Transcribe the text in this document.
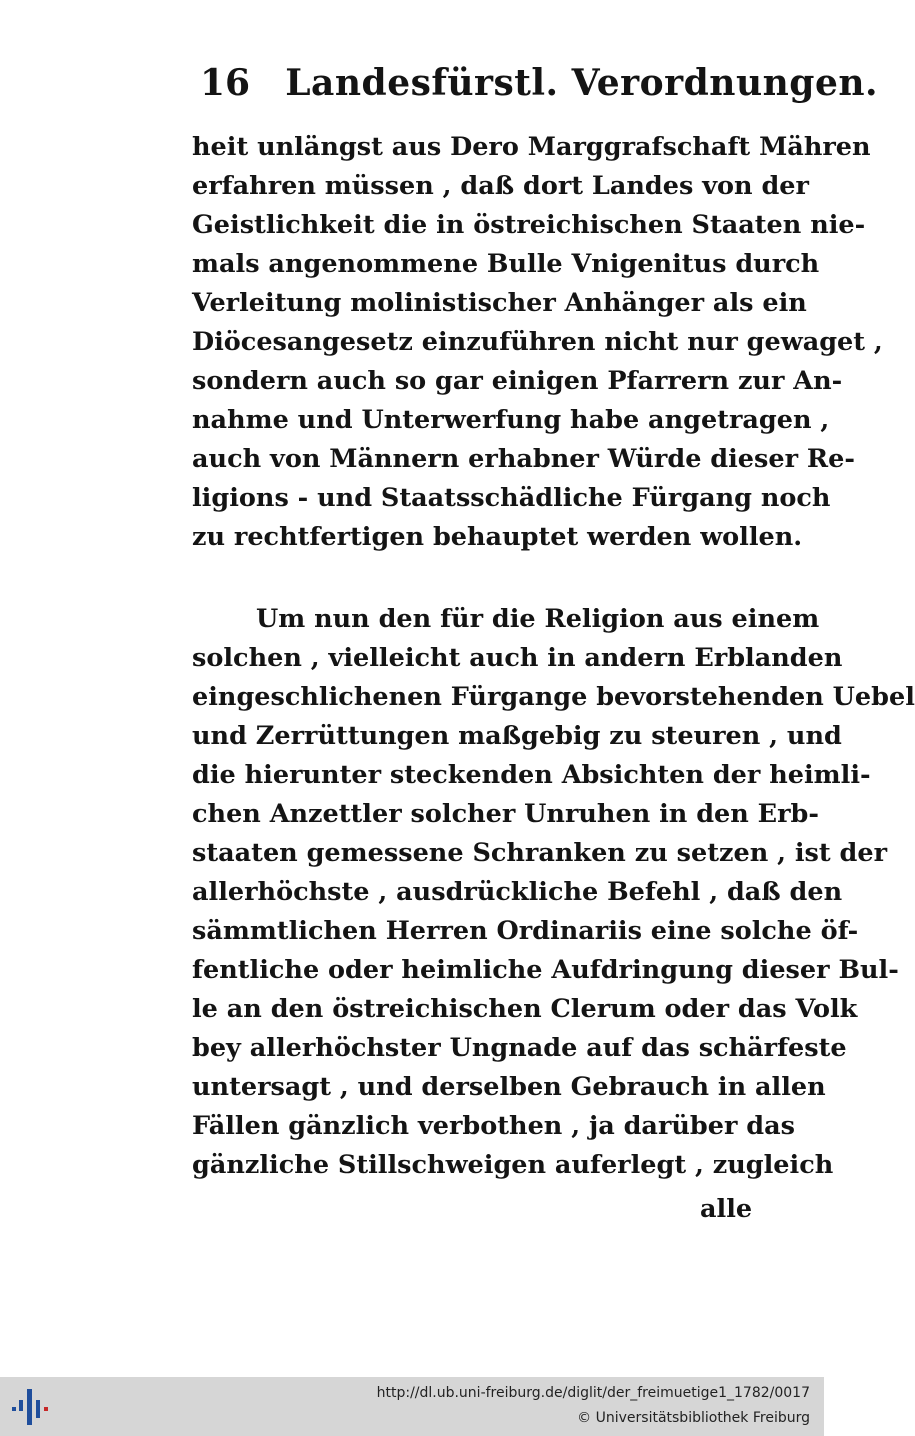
16 Landesfürstl. Verordnungen.
heit unlängst aus Dero Marggrafschaft Mähren
erfahren müssen , daß dort Landes von der
Geistlichkeit die in östreichischen Staaten nie-
mals angenommene Bulle Vnigenitus durch
Verleitung molinistischer Anhänger als ein
Diöcesangesetz einzuführen nicht nur gewaget ,
sondern auch so gar einigen Pfarrern zur An-
nahme und Unterwerfung habe angetragen ,
auch von Männern erhabner Würde dieser Re-
ligions - und Staatsschädliche Fürgang noch
zu rechtfertigen behauptet werden wollen.
Um nun den für die Religion aus einem
solchen , vielleicht auch in andern Erblanden
eingeschlichenen Fürgange bevorstehenden Uebel
und Zerrüttungen maßgebig zu steuren , und
die hierunter steckenden Absichten der heimli-
chen Anzettler solcher Unruhen in den Erb-
staaten gemessene Schranken zu setzen , ist der
allerhöchste , ausdrückliche Befehl , daß den
sämmtlichen Herren Ordinariis eine solche öf-
fentliche oder heimliche Aufdringung dieser Bul-
le an den östreichischen Clerum oder das Volk
bey allerhöchster Ungnade auf das schärfeste
untersagt , und derselben Gebrauch in allen
Fällen gänzlich verbothen , ja darüber das
gänzliche Stillschweigen auferlegt , zugleich
alle
http://dl.ub.uni-freiburg.de/diglit/der_freimuetige1_1782/0017
© Universitätsbibliothek Freiburg
